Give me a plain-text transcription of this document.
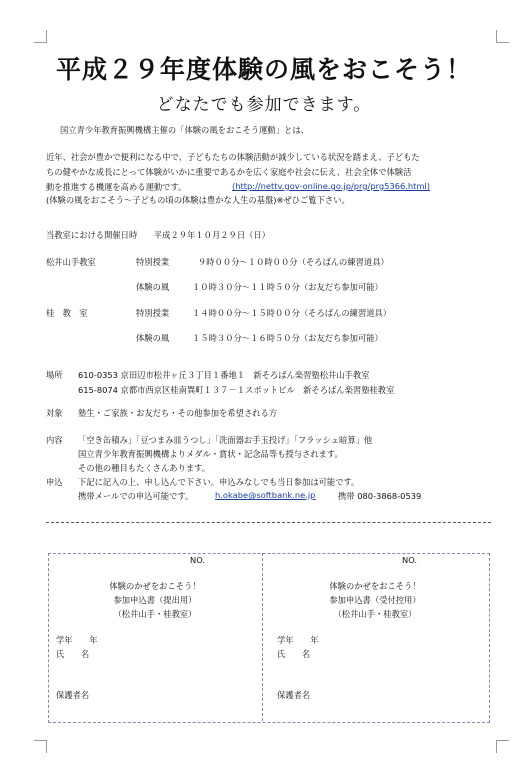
平成２９年度体験の風をおこそう！
どなたでも参加できます。
国立青少年教育振興機構主催の「体験の風をおこそう運動」とは、
近年、社会が豊かで便利になる中で、子どもたちの体験活動が減少している状況を踏まえ、子どもた
ちの健やかな成長にとって体験がいかに重要であるかを広く家庭や社会に伝え、社会全体で体験活
動を推進する機運を高める運動です。	(http://nettv.gov-online.go.jp/prg/prg5366.html)
(体験の風をおこそう～子どもの頃の体験は豊かな人生の基盤)※ぜひご覧下さい。
当教室における開催日時　　平成２９年１０月２９日（日）
松井山手教室	特別授業	９時００分～１０時００分（そろばんの練習道具）
体験の風	１０時３０分～１１時５０分（お友だち参加可能）
桂　教　室	特別授業	１４時００分～１５時００分（そろばんの練習道具）
体験の風	１５時３０分～１６時５０分（お友だち参加可能）
場所 610-0353 京田辺市松井ヶ丘３丁目１番地１　新そろばん楽習塾松井山手教室
615-8074 京都市西京区桂南巽町１３７－１スポットビル　新そろばん楽習塾桂教室
対象 塾生・ご家族・お友だち・その他参加を希望される方
内容 「空き缶積み」「豆つまみ皿うつし」「洗面器お手玉投げ」「フラッシュ暗算」他
国立青少年教育振興機構よりメダル・賞状・記念品等も授与されます。
その他の種目もたくさんあります。
申込 下記に記入の上、申し込んで下さい。申込みなしでも当日参加は可能です。
携帯メールでの申込可能です。	h.okabe@softbank.ne.jp	携帯 080-3868-0539
NO.
体験のかぜをおこそう！
参加申込書（提出用）
（松井山手・桂教室）
学年　　年
氏　　名
保護者名
NO.
体験のかぜをおこそう！
参加申込書（受付控用）
（松井山手・桂教室）
学年　　年
氏　　名
保護者名
